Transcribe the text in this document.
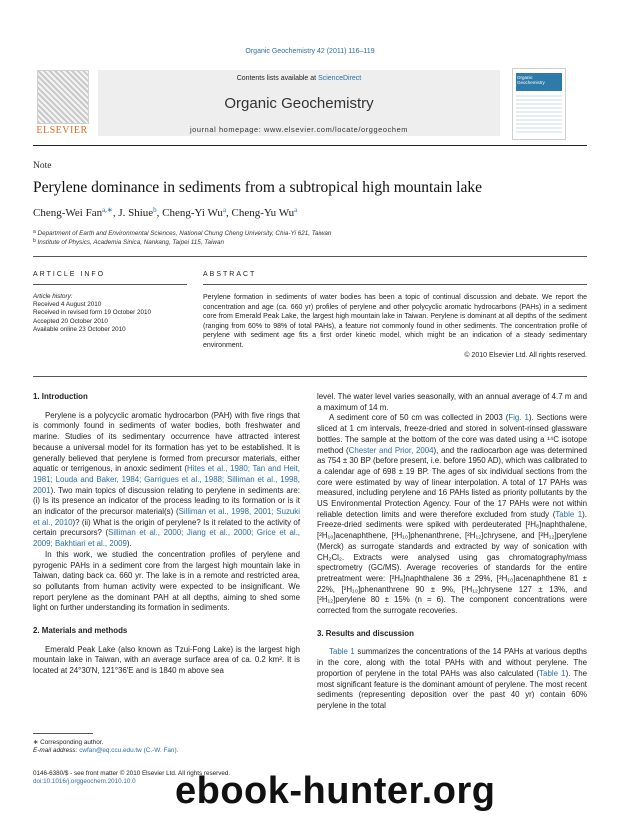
Organic Geochemistry 42 (2011) 116–119
ELSEVIER
Contents lists available at ScienceDirect
Organic Geochemistry
journal homepage: www.elsevier.com/locate/orggeochem
Organic Geochemistry
Note
Perylene dominance in sediments from a subtropical high mountain lake
Cheng-Wei Fan$^{a,∗}$, J. Shiue$^b$, Cheng-Yi Wu$^a$, Cheng-Yu Wu$^a$
$^a$ Department of Earth and Environmental Sciences, National Chung Cheng University, Chia-Yi 621, Taiwan
$^b$ Institute of Physics, Academia Sinica, Nankang, Taipei 115, Taiwan
ARTICLE INFO	ABSTRACT
Article history:
Received 4 August 2010
Received in revised form 19 October 2010
Accepted 20 October 2010
Available online 23 October 2010
Perylene formation in sediments of water bodies has been a topic of continual discussion and debate. We report the concentration and age (ca. 660 yr) profiles of perylene and other polycyclic aromatic hydrocarbons (PAHs) in a sediment core from Emerald Peak Lake, the largest high mountain lake in Taiwan. Perylene is dominant at all depths of the sediment (ranging from 60% to 98% of total PAHs), a feature not commonly found in other sediments. The concentration profile of perylene with sediment age fits a first order kinetic model, which might be an indication of a steady sedimentary environment.
© 2010 Elsevier Ltd. All rights reserved.
1. Introduction

Perylene is a polycyclic aromatic hydrocarbon (PAH) with five rings that is commonly found in sediments of water bodies, both freshwater and marine. Studies of its sedimentary occurrence have attracted interest because a universal model for its formation has yet to be established. It is generally believed that perylene is formed from precursor materials, either aquatic or terrigenous, in anoxic sediment (Hites et al., 1980; Tan and Heit, 1981; Louda and Baker, 1984; Garrigues et al., 1988; Silliman et al., 1998, 2001). Two main topics of discussion relating to perylene in sediments are: (i) Is its presence an indicator of the process leading to its formation or is it an indicator of the precursor material(s) (Silliman et al., 1998, 2001; Suzuki et al., 2010)? (ii) What is the origin of perylene? Is it related to the activity of certain precursors? (Silliman et al., 2000; Jiang et al., 2000; Grice et al., 2009; Bakhtiari et al., 2009).

In this work, we studied the concentration profiles of perylene and pyrogenic PAHs in a sediment core from the largest high mountain lake in Taiwan, dating back ca. 660 yr. The lake is in a remote and restricted area, so pollutants from human activity were expected to be insignificant. We report perylene as the dominant PAH at all depths, aiming to shed some light on further understanding its formation in sediments.

2. Materials and methods

Emerald Peak Lake (also known as Tzui-Fong Lake) is the largest high mountain lake in Taiwan, with an average surface area of ca. 0.2 km². It is located at 24°30′N, 121°36′E and is 1840 m above sea

level. The water level varies seasonally, with an annual average of 4.7 m and a maximum of 14 m.

A sediment core of 50 cm was collected in 2003 (Fig. 1). Sections were sliced at 1 cm intervals, freeze-dried and stored in solvent-rinsed glassware bottles. The sample at the bottom of the core was dated using a ¹⁴C isotope method (Chester and Prior, 2004), and the radiocarbon age was determined as 754 ± 30 BP (before present, i.e. before 1950 AD), which was calibrated to a calendar age of 698 ± 19 BP. The ages of six individual sections from the core were estimated by way of linear interpolation. A total of 17 PAHs was measured, including perylene and 16 PAHs listed as priority pollutants by the US Environmental Protection Agency. Four of the 17 PAHs were not within reliable detection limits and were therefore excluded from study (Table 1). Freeze-dried sediments were spiked with perdeuterated [²H₈]naphthalene, [²H₁₀]acenaphthene, [²H₁₀]phenanthrene, [²H₁₂]chrysene, and [²H₁₂]perylene (Merck) as surrogate standards and extracted by way of sonication with CH₂Cl₂. Extracts were analysed using gas chromatography/mass spectrometry (GC/MS). Average recoveries of standards for the entire pretreatment were: [²H₈]naphthalene 36 ± 29%, [²H₁₀]acenaphthene 81 ± 22%, [²H₁₀]phenanthrene 90 ± 9%, [²H₁₂]chrysene 127 ± 13%, and [²H₁₂]perylene 80 ± 15% (n = 6). The component concentrations were corrected from the surrogate recoveries.

3. Results and discussion

Table 1 summarizes the concentrations of the 14 PAHs at various depths in the core, along with the total PAHs with and without perylene. The proportion of perylene in the total PAHs was also calculated (Table 1). The most significant feature is the dominant amount of perylene. The most recent sediments (representing deposition over the past 40 yr) contain 60% perylene in the total

∗ Corresponding author.
E-mail address: cwfan@eq.ccu.edu.tw (C.-W. Fan).
0146-6380/$ - see front matter © 2010 Elsevier Ltd. All rights reserved.
doi:10.1016/j.orggeochem.2010.10.0	ebook-hunter.org
